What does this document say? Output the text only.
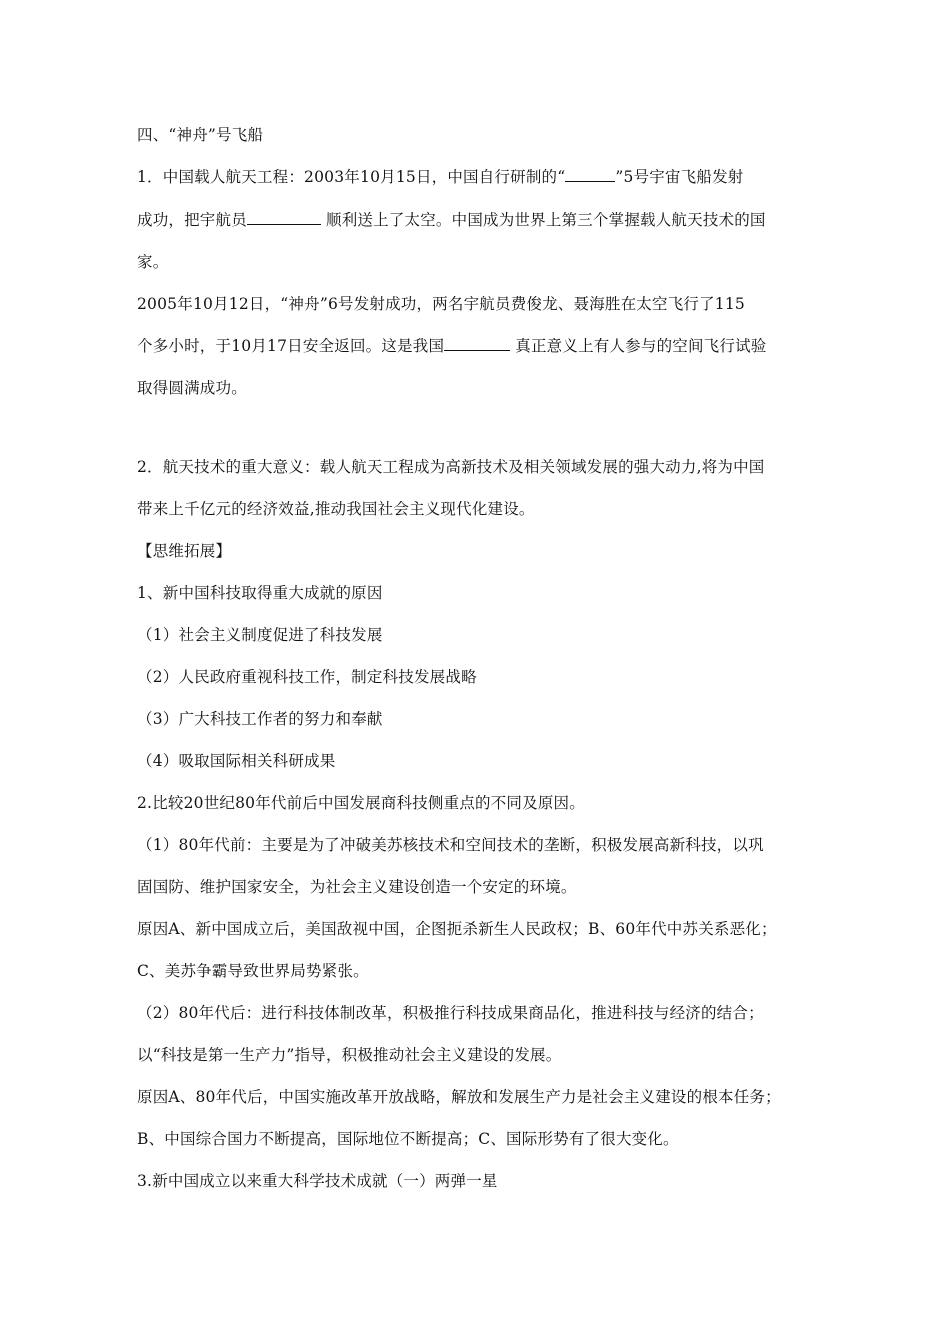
四、“神舟”号飞船
1．中国载人航天工程：2003年10月15日，中国自行研制的“	”5号宇宙飞船发射
成功，把宇航员	顺利送上了太空。中国成为世界上第三个掌握载人航天技术的国
家。
2005年10月12日，“神舟”6号发射成功，两名宇航员费俊龙、聂海胜在太空飞行了115
个多小时，于10月17日安全返回。这是我国	真正意义上有人参与的空间飞行试验
取得圆满成功。
2．航天技术的重大意义：载人航天工程成为高新技术及相关领域发展的强大动力,将为中国
带来上千亿元的经济效益,推动我国社会主义现代化建设。
【思维拓展】
1、新中国科技取得重大成就的原因
（1）社会主义制度促进了科技发展
（2）人民政府重视科技工作，制定科技发展战略
（3）广大科技工作者的努力和奉献
（4）吸取国际相关科研成果
2.比较20世纪80年代前后中国发展商科技侧重点的不同及原因。
（1）80年代前：主要是为了冲破美苏核技术和空间技术的垄断，积极发展高新科技，以巩
固国防、维护国家安全，为社会主义建设创造一个安定的环境。
原因A、新中国成立后，美国敌视中国，企图扼杀新生人民政权；B、60年代中苏关系恶化；
C、美苏争霸导致世界局势紧张。
（2）80年代后：进行科技体制改革，积极推行科技成果商品化，推进科技与经济的结合；
以“科技是第一生产力”指导，积极推动社会主义建设的发展。
原因A、80年代后，中国实施改革开放战略，解放和发展生产力是社会主义建设的根本任务；
B、中国综合国力不断提高，国际地位不断提高；C、国际形势有了很大变化。
3.新中国成立以来重大科学技术成就（一）两弹一星
